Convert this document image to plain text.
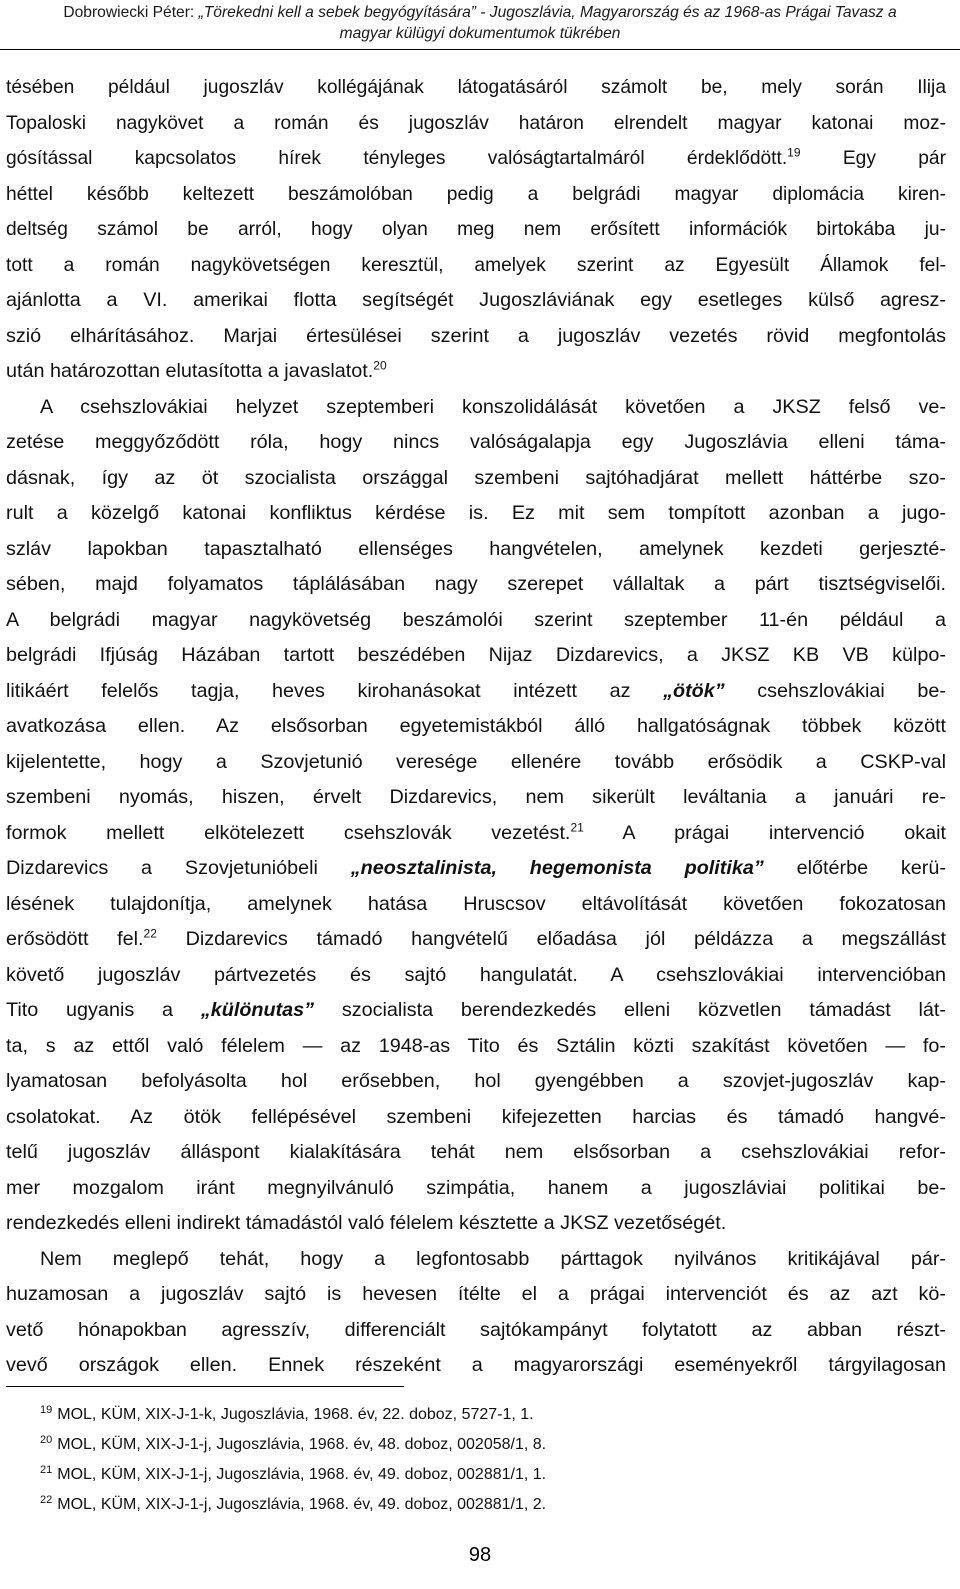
Dobrowiecki Péter: „Törekedni kell a sebek begyógyítására” - Jugoszlávia, Magyarország és az 1968-as Prágai Tavasz a
magyar külügyi dokumentumok tükrében
tésében például jugoszláv kollégájának látogatásáról számolt be, mely során Ilija
Topaloski nagykövet a román és jugoszláv határon elrendelt magyar katonai moz-
gósítással kapcsolatos hírek tényleges valóságtartalmáról érdeklődött.$^{19}$ Egy pár
héttel később keltezett beszámolóban pedig a belgrádi magyar diplomácia kiren-
deltség számol be arról, hogy olyan meg nem erősített információk birtokába ju-
tott a román nagykövetségen keresztül, amelyek szerint az Egyesült Államok fel-
ajánlotta a VI. amerikai flotta segítségét Jugoszláviának egy esetleges külső agresz-
szió elhárításához. Marjai értesülései szerint a jugoszláv vezetés rövid megfontolás
után határozottan elutasította a javaslatot.$^{20}$
A csehszlovákiai helyzet szeptemberi konszolidálását követően a JKSZ felső ve-
zetése meggyőződött róla, hogy nincs valóságalapja egy Jugoszlávia elleni táma-
dásnak, így az öt szocialista országgal szembeni sajtóhadjárat mellett háttérbe szo-
rult a közelgő katonai konfliktus kérdése is. Ez mit sem tompított azonban a jugo-
szláv lapokban tapasztalható ellenséges hangvételen, amelynek kezdeti gerjeszté-
sében, majd folyamatos táplálásában nagy szerepet vállaltak a párt tisztségviselői.
A belgrádi magyar nagykövetség beszámolói szerint szeptember 11-én például a
belgrádi Ifjúság Házában tartott beszédében Nijaz Dizdarevics, a JKSZ KB VB külpo-
litikáért felelős tagja, heves kirohanásokat intézett az „ötök” csehszlovákiai be-
avatkozása ellen. Az elsősorban egyetemistákból álló hallgatóságnak többek között
kijelentette, hogy a Szovjetunió veresége ellenére tovább erősödik a CSKP-val
szembeni nyomás, hiszen, érvelt Dizdarevics, nem sikerült leváltania a januári re-
formok mellett elkötelezett csehszlovák vezetést.$^{21}$ A prágai intervenció okait
Dizdarevics a Szovjetunióbeli „neosztalinista, hegemonista politika” előtérbe kerü-
lésének tulajdonítja, amelynek hatása Hruscsov eltávolítását követően fokozatosan
erősödött fel.$^{22}$ Dizdarevics támadó hangvételű előadása jól példázza a megszállást
követő jugoszláv pártvezetés és sajtó hangulatát. A csehszlovákiai intervencióban
Tito ugyanis a „különutas” szocialista berendezkedés elleni közvetlen támadást lát-
ta, s az ettől való félelem — az 1948-as Tito és Sztálin közti szakítást követően — fo-
lyamatosan befolyásolta hol erősebben, hol gyengébben a szovjet-jugoszláv kap-
csolatokat. Az ötök fellépésével szembeni kifejezetten harcias és támadó hangvé-
telű jugoszláv álláspont kialakítására tehát nem elsősorban a csehszlovákiai refor-
mer mozgalom iránt megnyilvánuló szimpátia, hanem a jugoszláviai politikai be-
rendezkedés elleni indirekt támadástól való félelem késztette a JKSZ vezetőségét.
Nem meglepő tehát, hogy a legfontosabb párttagok nyilvános kritikájával pár-
huzamosan a jugoszláv sajtó is hevesen ítélte el a prágai intervenciót és az azt kö-
vető hónapokban agresszív, differenciált sajtókampányt folytatott az abban részt-
vevő országok ellen. Ennek részeként a magyarországi eseményekről tárgyilagosan
$^{19}$ MOL, KÜM, XIX-J-1-k, Jugoszlávia, 1968. év, 22. doboz, 5727-1, 1.
$^{20}$ MOL, KÜM, XIX-J-1-j, Jugoszlávia, 1968. év, 48. doboz, 002058/1, 8.
$^{21}$ MOL, KÜM, XIX-J-1-j, Jugoszlávia, 1968. év, 49. doboz, 002881/1, 1.
$^{22}$ MOL, KÜM, XIX-J-1-j, Jugoszlávia, 1968. év, 49. doboz, 002881/1, 2.
98
